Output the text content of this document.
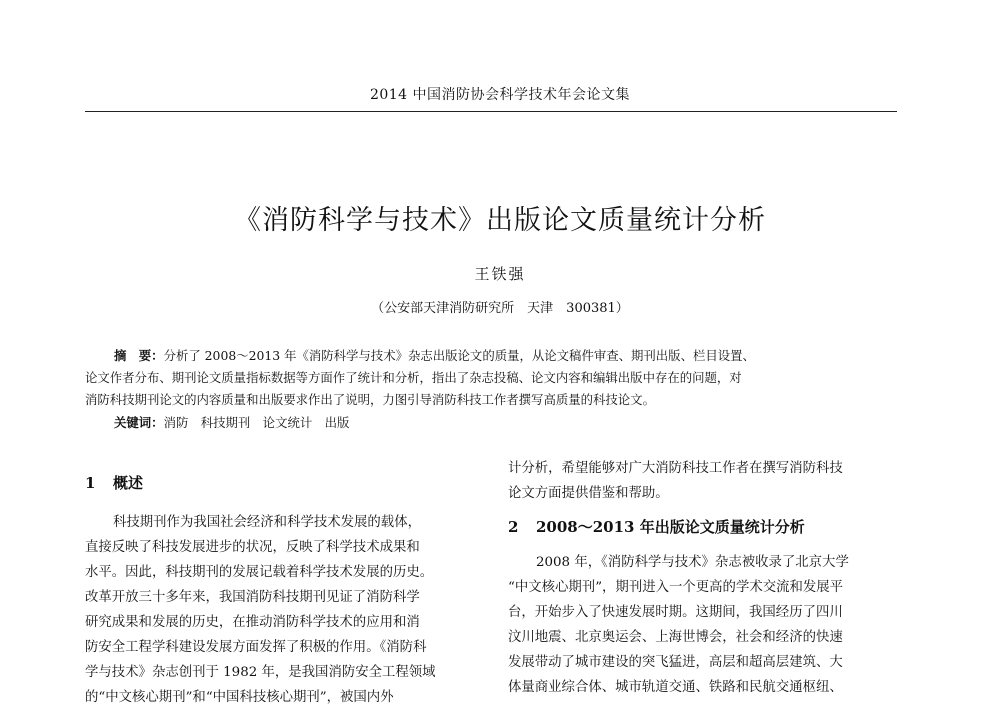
2014 中国消防协会科学技术年会论文集
《消防科学与技术》出版论文质量统计分析
王铁强
（公安部天津消防研究所　天津　300381）
摘　要：分析了 2008～2013 年《消防科学与技术》杂志出版论文的质量，从论文稿件审查、期刊出版、栏目设置、
论文作者分布、期刊论文质量指标数据等方面作了统计和分析，指出了杂志投稿、论文内容和编辑出版中存在的问题，对
消防科技期刊论文的内容质量和出版要求作出了说明，力图引导消防科技工作者撰写高质量的科技论文。
关键词：消防　科技期刊　论文统计　出版
1 概述
科技期刊作为我国社会经济和科学技术发展的载体，
直接反映了科技发展进步的状况，反映了科学技术成果和
水平。因此，科技期刊的发展记载着科学技术发展的历史。
改革开放三十多年来，我国消防科技期刊见证了消防科学
研究成果和发展的历史，在推动消防科学技术的应用和消
防安全工程学科建设发展方面发挥了积极的作用。《消防科
学与技术》杂志创刊于 1982 年，是我国消防安全工程领域
的“中文核心期刊”和“中国科技核心期刊”，被国内外
计分析，希望能够对广大消防科技工作者在撰写消防科技
论文方面提供借鉴和帮助。
2 2008～2013 年出版论文质量统计分析
2008 年，《消防科学与技术》杂志被收录了北京大学
“中文核心期刊”，期刊进入一个更高的学术交流和发展平
台，开始步入了快速发展时期。这期间，我国经历了四川
汶川地震、北京奥运会、上海世博会，社会和经济的快速
发展带动了城市建设的突飞猛进，高层和超高层建筑、大
体量商业综合体、城市轨道交通、铁路和民航交通枢纽、
